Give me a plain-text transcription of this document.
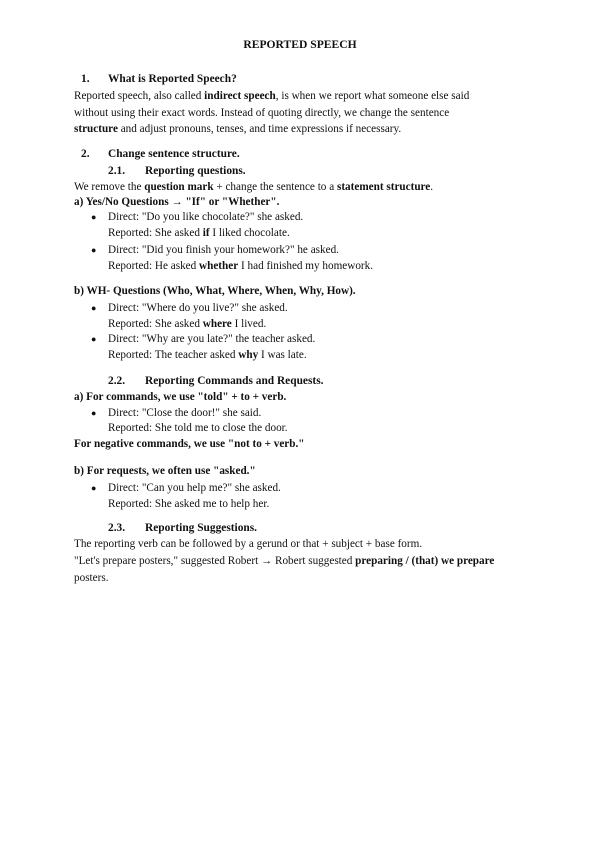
REPORTED SPEECH
1. What is Reported Speech?
Reported speech, also called indirect speech, is when we report what someone else said
without using their exact words. Instead of quoting directly, we change the sentence
structure and adjust pronouns, tenses, and time expressions if necessary.
2. Change sentence structure.
2.1. Reporting questions.
We remove the question mark + change the sentence to a statement structure.
a) Yes/No Questions → "If" or "Whether".
● Direct: "Do you like chocolate?" she asked.
Reported: She asked if I liked chocolate.
● Direct: "Did you finish your homework?" he asked.
Reported: He asked whether I had finished my homework.
b) WH- Questions (Who, What, Where, When, Why, How).
● Direct: "Where do you live?" she asked.
Reported: She asked where I lived.
● Direct: "Why are you late?" the teacher asked.
Reported: The teacher asked why I was late.
2.2. Reporting Commands and Requests.
a) For commands, we use "told" + to + verb.
● Direct: "Close the door!" she said.
Reported: She told me to close the door.
For negative commands, we use "not to + verb."
b) For requests, we often use "asked."
● Direct: "Can you help me?" she asked.
Reported: She asked me to help her.
2.3. Reporting Suggestions.
The reporting verb can be followed by a gerund or that + subject + base form.
"Let's prepare posters," suggested Robert → Robert suggested preparing / (that) we prepare
posters.
